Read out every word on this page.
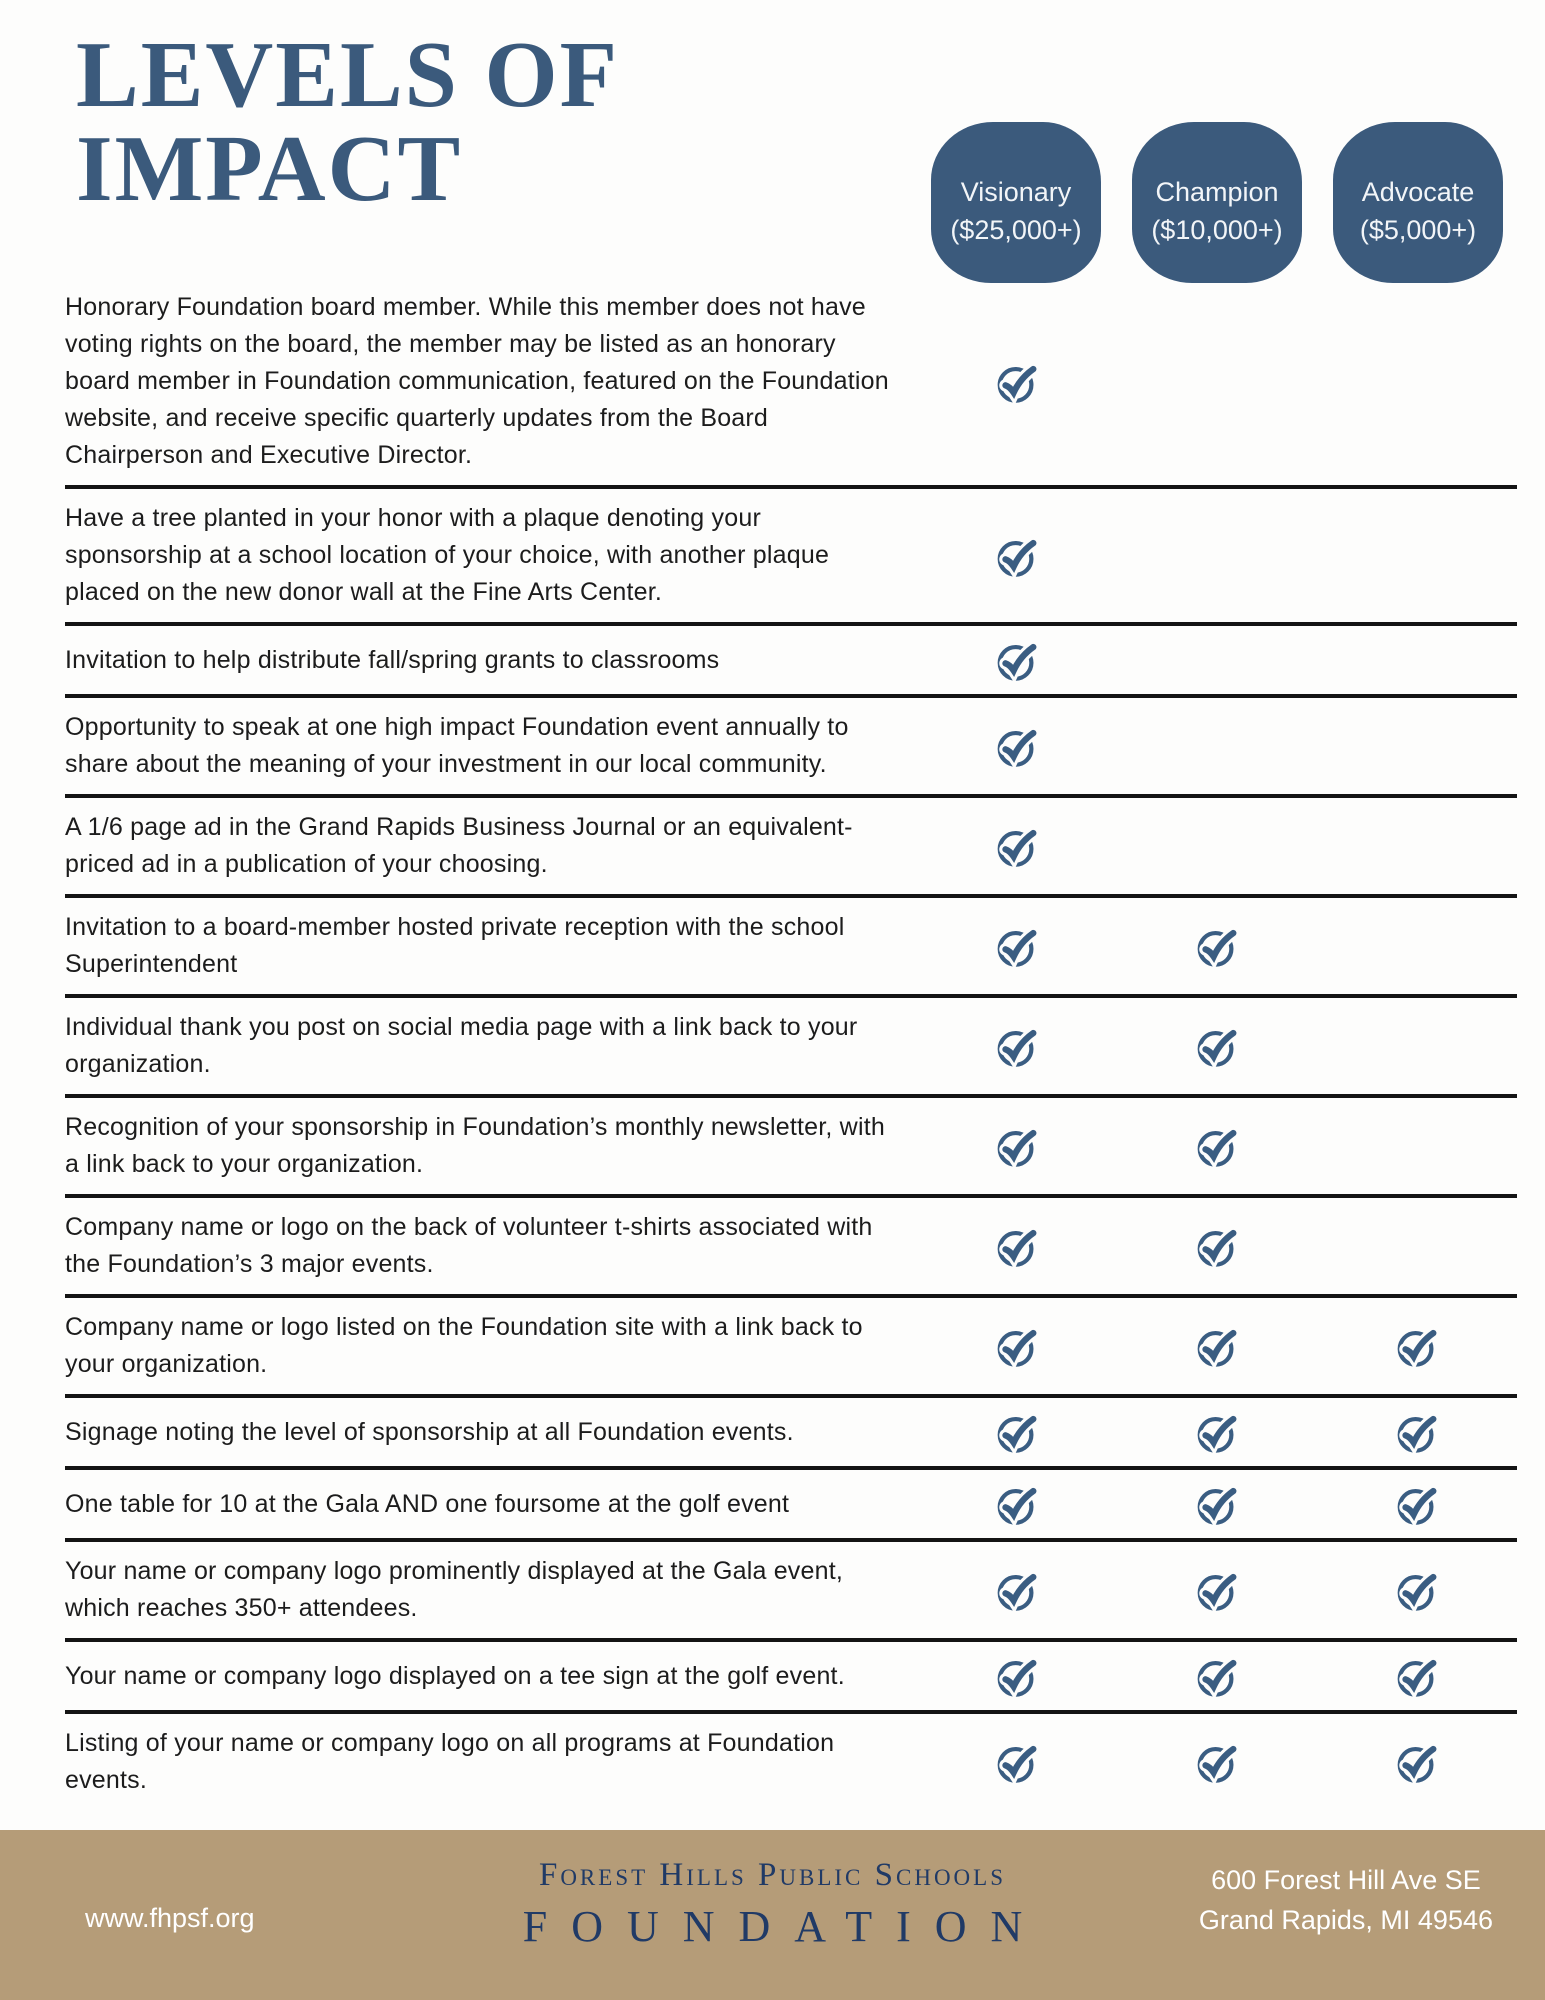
LEVELS OF
IMPACT	Visionary
($25,000+)
Champion
($10,000+)
Advocate
($5,000+)
Honorary Foundation board member. While this member does not have voting rights on the board, the member may be listed as an honorary board member in Foundation communication, featured on the Foundation website, and receive specific quarterly updates from the Board Chairperson and Executive Director.
Have a tree planted in your honor with a plaque denoting your sponsorship at a school location of your choice, with another plaque placed on the new donor wall at the Fine Arts Center.
Invitation to help distribute fall/spring grants to classrooms
Opportunity to speak at one high impact Foundation event annually to share about the meaning of your investment in our local community.
A 1/6 page ad in the Grand Rapids Business Journal or an equivalent-priced ad in a publication of your choosing.
Invitation to a board-member hosted private reception with the school Superintendent
Individual thank you post on social media page with a link back to your organization.
Recognition of your sponsorship in Foundation’s monthly newsletter, with a link back to your organization.
Company name or logo on the back of volunteer t-shirts associated with the Foundation’s 3 major events.
Company name or logo listed on the Foundation site with a link back to your organization.
Signage noting the level of sponsorship at all Foundation events.
One table for 10 at the Gala AND one foursome at the golf event
Your name or company logo prominently displayed at the Gala event, which reaches 350+ attendees.
Your name or company logo displayed on a tee sign at the golf event.
Listing of your name or company logo on all programs at Foundation events.
www.fhpsf.org
Forest Hills Public Schools
FOUNDATION
600 Forest Hill Ave SE
Grand Rapids, MI 49546
